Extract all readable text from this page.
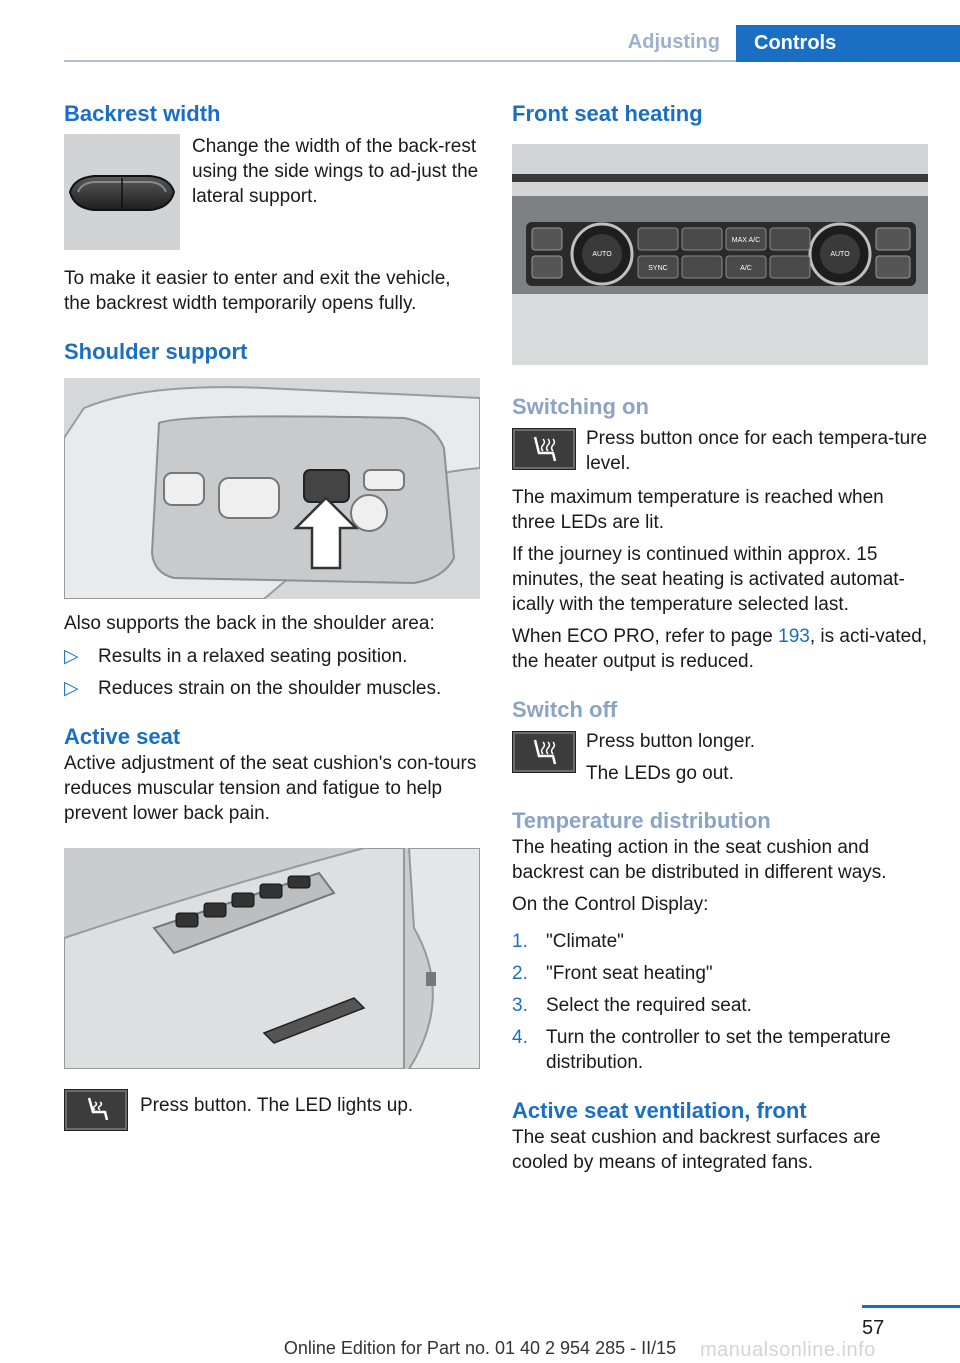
Adjusting Controls
Backrest width

Change the width of the back-rest using the side wings to ad-just the lateral support.

To make it easier to enter and exit the vehicle, the backrest width temporarily opens fully.

Shoulder support

Also supports the back in the shoulder area:

▷ Results in a relaxed seating position.
▷ Reduces strain on the shoulder muscles.
Active seat

Active adjustment of the seat cushion's con-tours reduces muscular tension and fatigue to help prevent lower back pain.

Press button. The LED lights up.

Front seat heating
AUTO
SYNC
MAX A/C
A/C
AUTO
Switching on

Press button once for each tempera-ture level.

The maximum temperature is reached when three LEDs are lit.

If the journey is continued within approx. 15 minutes, the seat heating is activated automat-ically with the temperature selected last.

When ECO PRO, refer to page 193, is acti-vated, the heater output is reduced.

Switch off

Press button longer.

The LEDs go out.

Temperature distribution

The heating action in the seat cushion and backrest can be distributed in different ways.

On the Control Display:

1. "Climate"
2. "Front seat heating"
3. Select the required seat.
4. Turn the controller to set the temperature distribution.
Active seat ventilation, front

The seat cushion and backrest surfaces are cooled by means of integrated fans.

57
Online Edition for Part no. 01 40 2 954 285 - II/15	manualsonline.info
